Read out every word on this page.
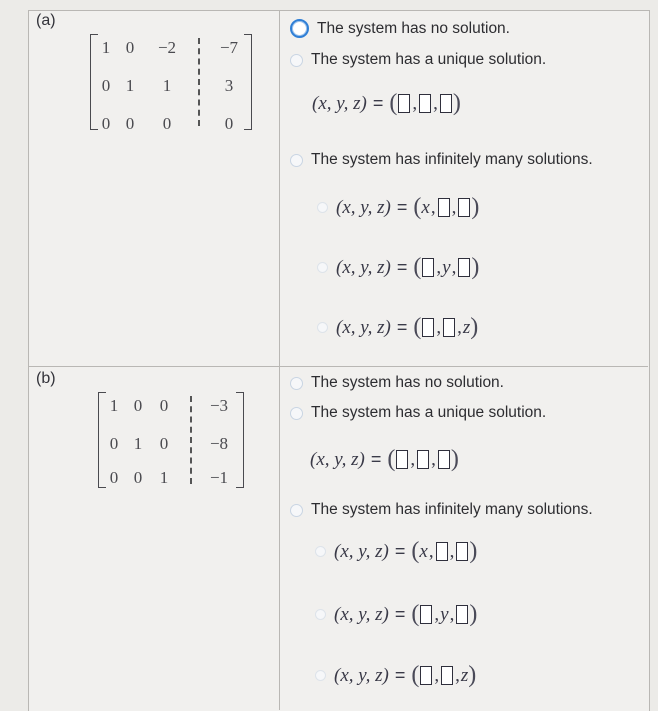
(a)
1 0	−2	−7
0 1	1	3
0 0	0	0
The system has no solution.
The system has a unique solution.
(x, y, z) = ( , , )
The system has infinitely many solutions.
(x, y, z) = ( x , , )
(x, y, z) = ( , y , )
(x, y, z) = ( , , z )
(b)
1 0	0	−3
0 1	0	−8
0 0	1	−1
The system has no solution.
The system has a unique solution.
(x, y, z) = ( , , )
The system has infinitely many solutions.
(x, y, z) = ( x , , )
(x, y, z) = ( , y , )
(x, y, z) = ( , , z )
